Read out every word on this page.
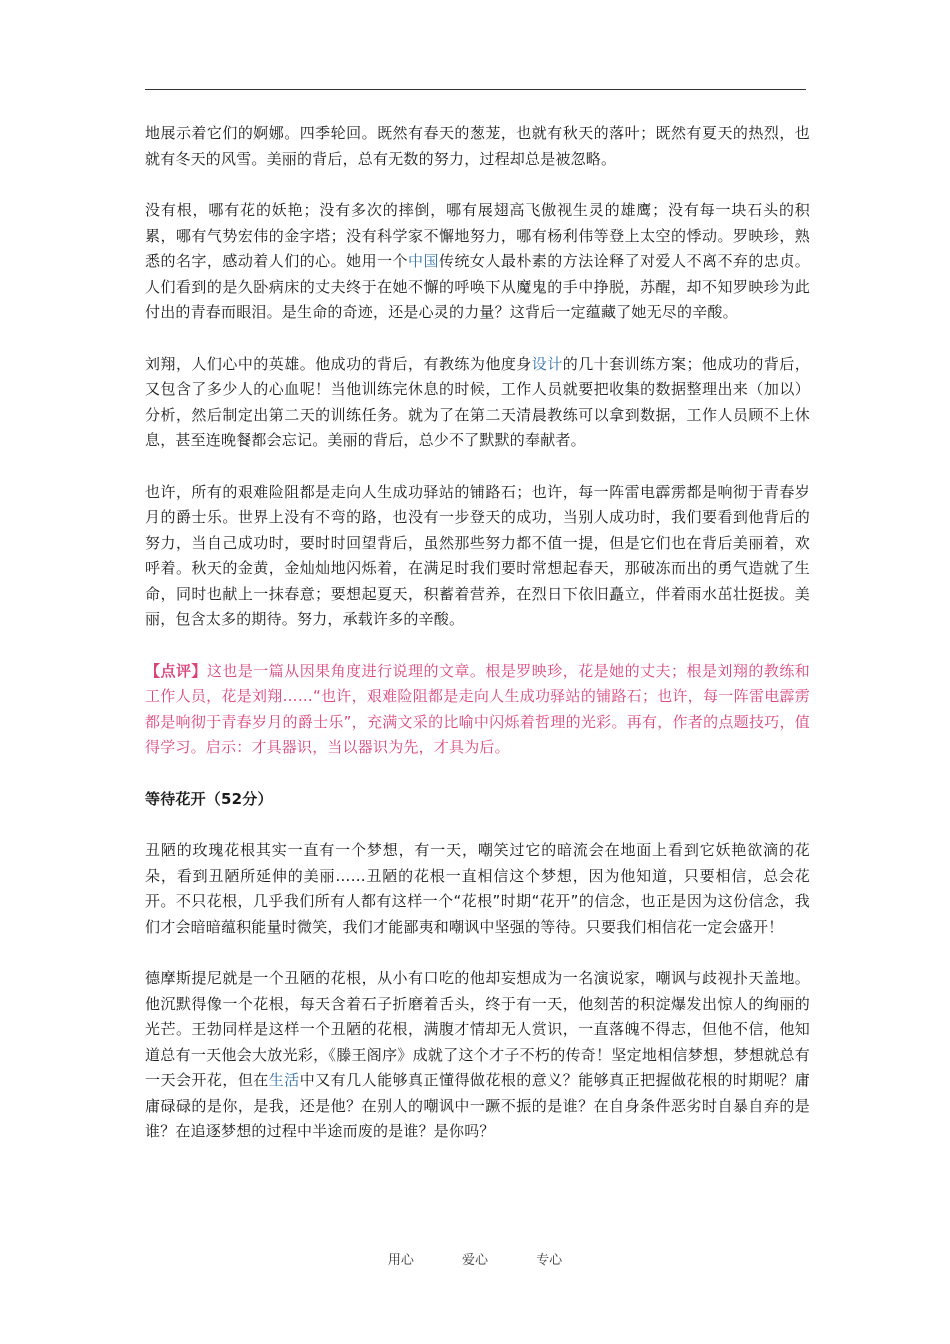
地展示着它们的婀娜。四季轮回。既然有春天的葱茏，也就有秋天的落叶；既然有夏天的热烈，也就有冬天的风雪。美丽的背后，总有无数的努力，过程却总是被忽略。

没有根，哪有花的妖艳；没有多次的摔倒，哪有展翅高飞傲视生灵的雄鹰；没有每一块石头的积累，哪有气势宏伟的金字塔；没有科学家不懈地努力，哪有杨利伟等登上太空的悸动。罗映珍，熟悉的名字，感动着人们的心。她用一个中国传统女人最朴素的方法诠释了对爱人不离不弃的忠贞。人们看到的是久卧病床的丈夫终于在她不懈的呼唤下从魔鬼的手中挣脱，苏醒，却不知罗映珍为此付出的青春而眼泪。是生命的奇迹，还是心灵的力量？这背后一定蕴藏了她无尽的辛酸。

刘翔，人们心中的英雄。他成功的背后，有教练为他度身设计的几十套训练方案；他成功的背后，又包含了多少人的心血呢！当他训练完休息的时候，工作人员就要把收集的数据整理出来（加以）分析，然后制定出第二天的训练任务。就为了在第二天清晨教练可以拿到数据，工作人员顾不上休息，甚至连晚餐都会忘记。美丽的背后，总少不了默默的奉献者。

也许，所有的艰难险阻都是走向人生成功驿站的铺路石；也许，每一阵雷电霹雳都是响彻于青春岁月的爵士乐。世界上没有不弯的路，也没有一步登天的成功，当别人成功时，我们要看到他背后的努力，当自己成功时，要时时回望背后，虽然那些努力都不值一提，但是它们也在背后美丽着，欢呼着。秋天的金黄，金灿灿地闪烁着，在满足时我们要时常想起春天，那破冻而出的勇气造就了生命，同时也献上一抹春意；要想起夏天，积蓄着营养，在烈日下依旧矗立，伴着雨水茁壮挺拔。美丽，包含太多的期待。努力，承载许多的辛酸。

【点评】这也是一篇从因果角度进行说理的文章。根是罗映珍，花是她的丈夫；根是刘翔的教练和工作人员，花是刘翔……“也许，艰难险阻都是走向人生成功驿站的铺路石；也许，每一阵雷电霹雳都是响彻于青春岁月的爵士乐”，充满文采的比喻中闪烁着哲理的光彩。再有，作者的点题技巧，值得学习。启示：才具器识，当以器识为先，才具为后。

等待花开（52分）

丑陋的玫瑰花根其实一直有一个梦想，有一天，嘲笑过它的暗流会在地面上看到它妖艳欲滴的花朵，看到丑陋所延伸的美丽……丑陋的花根一直相信这个梦想，因为他知道，只要相信，总会花开。不只花根，几乎我们所有人都有这样一个“花根”时期“花开”的信念，也正是因为这份信念，我们才会暗暗蕴积能量时微笑，我们才能鄙夷和嘲讽中坚强的等待。只要我们相信花一定会盛开！

德摩斯提尼就是一个丑陋的花根，从小有口吃的他却妄想成为一名演说家，嘲讽与歧视扑天盖地。他沉默得像一个花根，每天含着石子折磨着舌头，终于有一天，他刻苦的积淀爆发出惊人的绚丽的光芒。王勃同样是这样一个丑陋的花根，满腹才情却无人赏识，一直落魄不得志，但他不信，他知道总有一天他会大放光彩，《滕王阁序》成就了这个才子不朽的传奇！坚定地相信梦想，梦想就总有一天会开花，但在生活中又有几人能够真正懂得做花根的意义？能够真正把握做花根的时期呢？庸庸碌碌的是你，是我，还是他？在别人的嘲讽中一蹶不振的是谁？在自身条件恶劣时自暴自弃的是谁？在追逐梦想的过程中半途而废的是谁？是你吗？

用心	爱心	专心
